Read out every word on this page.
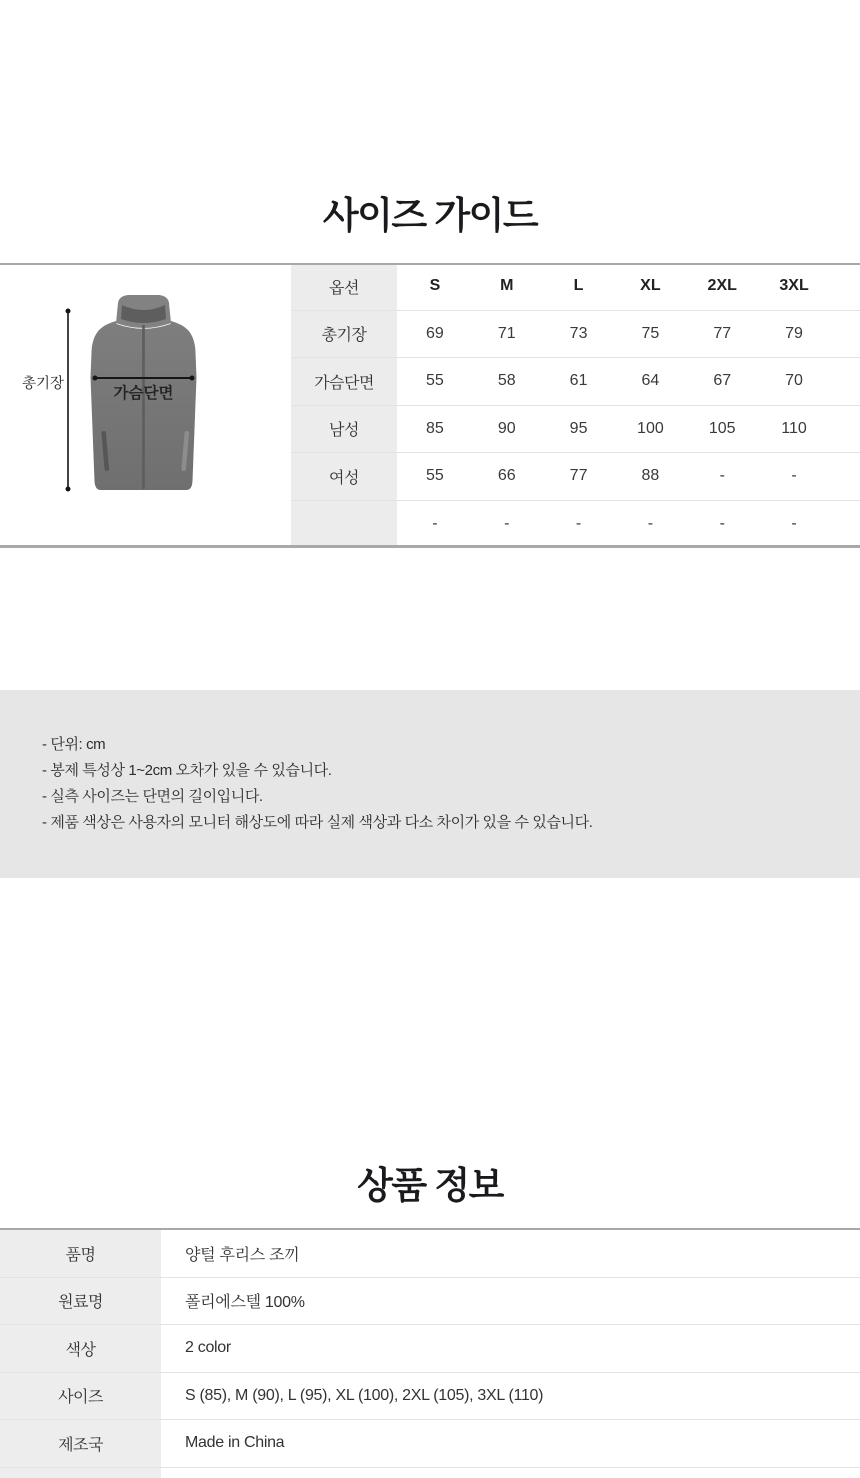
사이즈 가이드
총기장
가슴단면
옵션	S	M	L	XL	2XL	3XL
총기장	69	71	73	75	77	79
가슴단면	55	58	61	64	67	70
남성	85	90	95	100	105	110
여성	55	66	77	88	-	-
-	-	-	-	-	-

- 단위: cm

- 봉제 특성상 1~2cm 오차가 있을 수 있습니다.

- 실측 사이즈는 단면의 길이입니다.

- 제품 색상은 사용자의 모니터 해상도에 따라 실제 색상과 다소 차이가 있을 수 있습니다.

상품 정보
품명	양털 후리스 조끼
원료명	폴리에스텔 100%
색상	2 color
사이즈	S (85), M (90), L (95), XL (100), 2XL (105), 3XL (110)
제조국	Made in China
